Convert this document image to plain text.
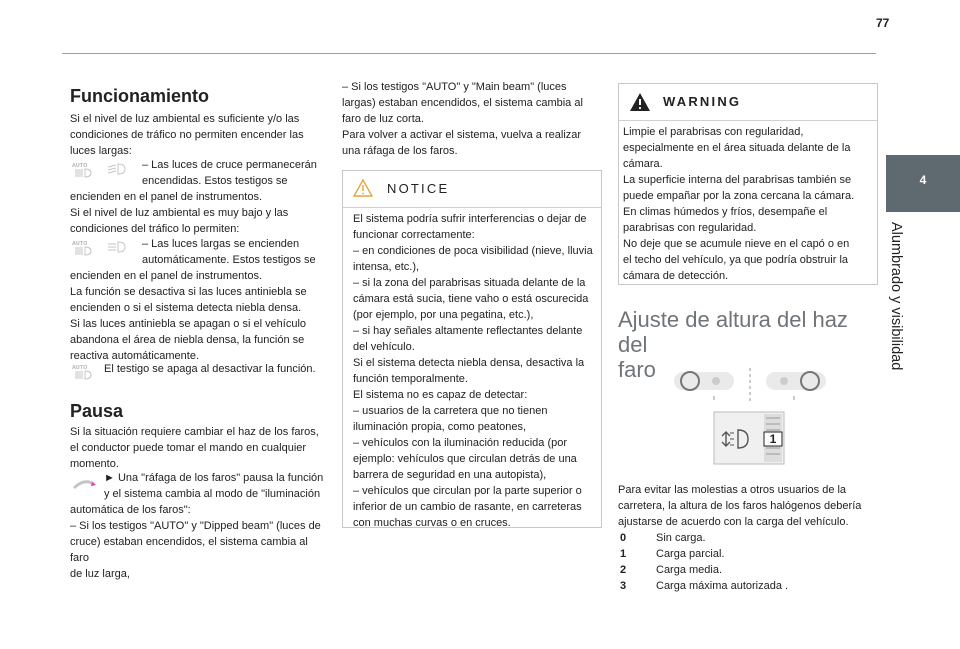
77
4
Alumbrado y visibilidad
Funcionamiento

Si el nivel de luz ambiental es suficiente y/o las
condiciones de tráfico no permiten encender las
luces largas:

AUTO	– Las luces de cruce permanecerán
encendidas. Estos testigos se

encienden en el panel de instrumentos.
Si el nivel de luz ambiental es muy bajo y las
condiciones del tráfico lo permiten:

AUTO	– Las luces largas se encienden
automáticamente. Estos testigos se

encienden en el panel de instrumentos.
La función se desactiva si las luces antiniebla se
encienden o si el sistema detecta niebla densa.
Si las luces antiniebla se apagan o si el vehículo
abandona el área de niebla densa, la función se
reactiva automáticamente.

AUTO El testigo se apaga al desactivar la función.

Pausa

Si la situación requiere cambiar el haz de los faros,
el conductor puede tomar el mando en cualquier
momento.

► Una "ráfaga de los faros" pausa la función
y el sistema cambia al modo de "iluminación

automática de los faros":
– Si los testigos "AUTO" y "Dipped beam" (luces de
cruce) estaban encendidos, el sistema cambia al faro
de luz larga,

– Si los testigos "AUTO" y "Main beam" (luces
largas) estaban encendidos, el sistema cambia al
faro de luz corta.
Para volver a activar el sistema, vuelva a realizar
una ráfaga de los faros.

NOTICE

El sistema podría sufrir interferencias o dejar de
funcionar correctamente:
– en condiciones de poca visibilidad (nieve, lluvia
intensa, etc.),
– si la zona del parabrisas situada delante de la
cámara está sucia, tiene vaho o está oscurecida
(por ejemplo, por una pegatina, etc.),
– si hay señales altamente reflectantes delante
del vehículo.
Si el sistema detecta niebla densa, desactiva la
función temporalmente.
El sistema no es capaz de detectar:
– usuarios de la carretera que no tienen
iluminación propia, como peatones,
– vehículos con la iluminación reducida (por
ejemplo: vehículos que circulan detrás de una
barrera de seguridad en una autopista),
– vehículos que circulan por la parte superior o
inferior de un cambio de rasante, en carreteras
con muchas curvas o en cruces.

WARNING

Limpie el parabrisas con regularidad,
especialmente en el área situada delante de la
cámara.
La superficie interna del parabrisas también se
puede empañar por la zona cercana la cámara.
En climas húmedos y fríos, desempañe el
parabrisas con regularidad.
No deje que se acumule nieve en el capó o en
el techo del vehículo, ya que podría obstruir la
cámara de detección.

Ajuste de altura del haz del
faro
1

Para evitar las molestias a otros usuarios de la
carretera, la altura de los faros halógenos debería
ajustarse de acuerdo con la carga del vehículo.

0	Sin carga.
1	Carga parcial.
2	Carga media.
3	Carga máxima autorizada .
